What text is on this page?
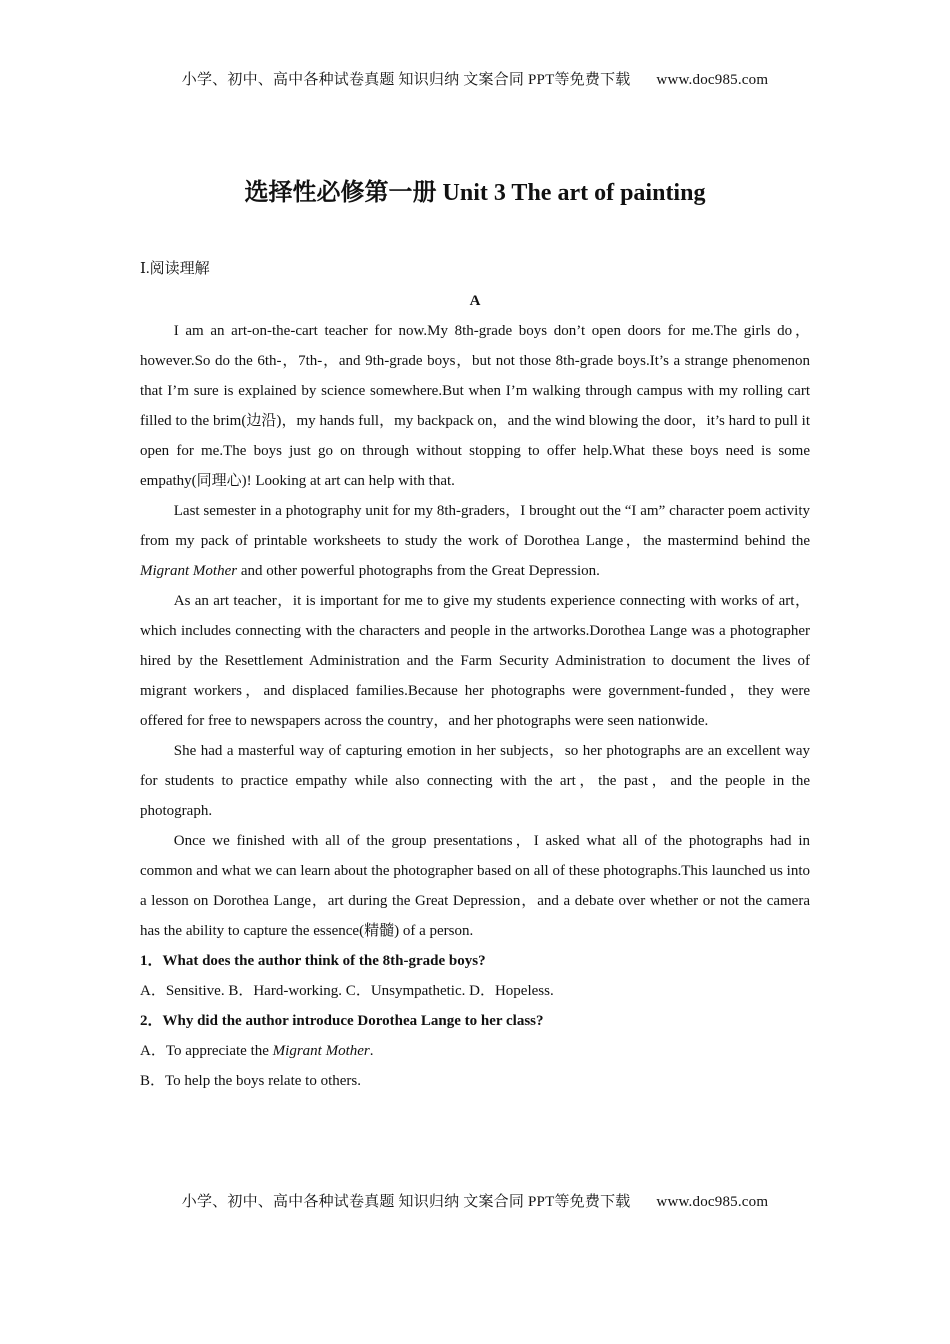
小学、初中、高中各种试卷真题 知识归纳 文案合同 PPT等免费下载 www.doc985.com
选择性必修第一册 Unit 3 The art of painting
Ⅰ.阅读理解

A

I am an art-on-the-cart teacher for now.My 8th-grade boys don’t open doors for me.The girls do，however.So do the 6th-，7th-，and 9th-grade boys，but not those 8th-grade boys.It’s a strange phenomenon that I’m sure is explained by science somewhere.But when I’m walking through campus with my rolling cart filled to the brim(边沿)，my hands full，my backpack on，and the wind blowing the door，it’s hard to pull it open for me.The boys just go on through without stopping to offer help.What these boys need is some empathy(同理心)! Looking at art can help with that.

Last semester in a photography unit for my 8th-graders，I brought out the “I am” character poem activity from my pack of printable worksheets to study the work of Dorothea Lange，the mastermind behind the Migrant Mother and other powerful photographs from the Great Depression.

As an art teacher，it is important for me to give my students experience connecting with works of art，which includes connecting with the characters and people in the artworks.Dorothea Lange was a photographer hired by the Resettlement Administration and the Farm Security Administration to document the lives of migrant workers，and displaced families.Because her photographs were government-funded，they were offered for free to newspapers across the country，and her photographs were seen nationwide.

She had a masterful way of capturing emotion in her subjects，so her photographs are an excellent way for students to practice empathy while also connecting with the art，the past，and the people in the photograph.

Once we finished with all of the group presentations，I asked what all of the photographs had in common and what we can learn about the photographer based on all of these photographs.This launched us into a lesson on Dorothea Lange，art during the Great Depression，and a debate over whether or not the camera has the ability to capture the essence(精髓) of a person.

1．What does the author think of the 8th-grade boys?

A．Sensitive. B．Hard-working. C．Unsympathetic. D．Hopeless.

2．Why did the author introduce Dorothea Lange to her class?

A．To appreciate the Migrant Mother.

B．To help the boys relate to others.

小学、初中、高中各种试卷真题 知识归纳 文案合同 PPT等免费下载 www.doc985.com
